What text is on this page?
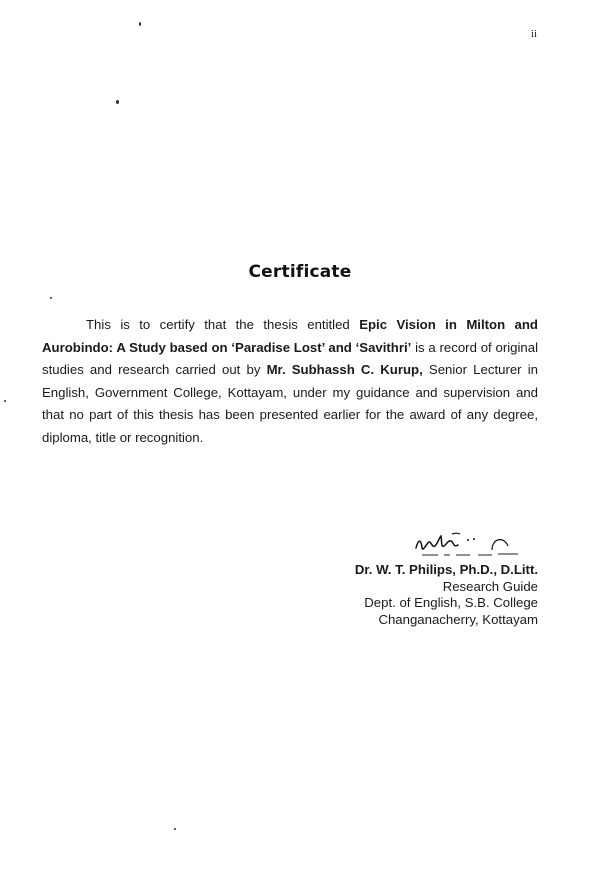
ii
Certificate

This is to certify that the thesis entitled Epic Vision in Milton and Aurobindo: A Study based on ‘Paradise Lost’ and ‘Savithri’ is a record of original studies and research carried out by Mr. Subhassh C. Kurup, Senior Lecturer in English, Government College, Kottayam, under my guidance and supervision and that no part of this thesis has been presented earlier for the award of any degree, diploma, title or recognition.

Dr. W. T. Philips, Ph.D., D.Litt.
Research Guide
Dept. of English, S.B. College
Changanacherry, Kottayam
